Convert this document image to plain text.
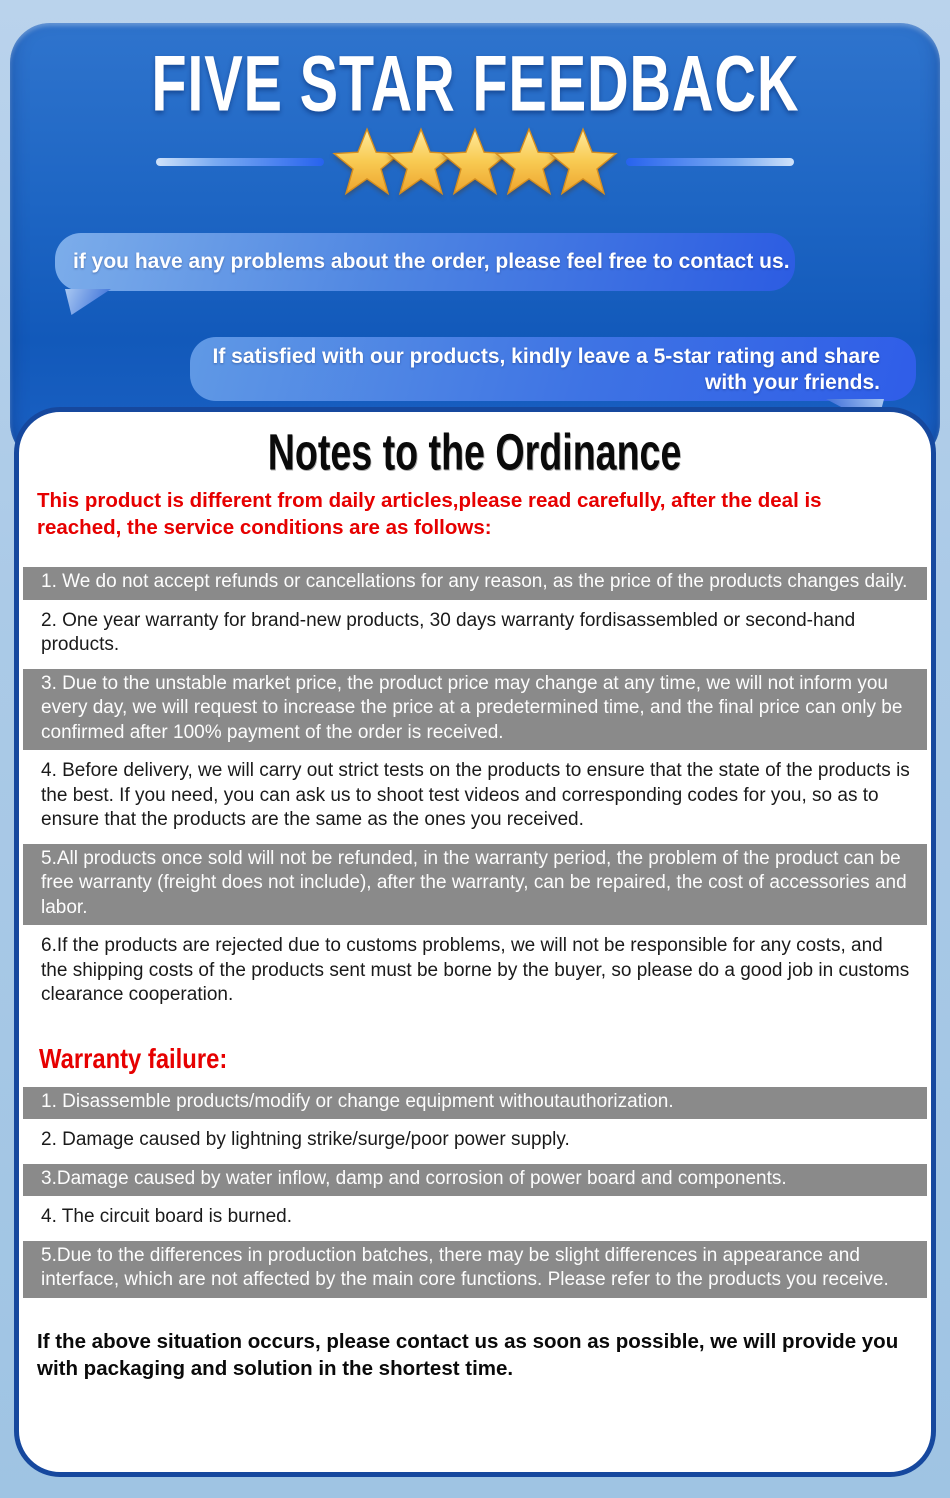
FIVE STAR FEEDBACK
if you have any problems about the order, please feel free to contact us.
If satisfied with our products, kindly leave a 5-star rating and share
with your friends.
Notes to the Ordinance

This product is different from daily articles,please read carefully, after the deal is reached, the service conditions are as follows:

1. We do not accept refunds or cancellations for any reason, as the price of the products changes daily.
2. One year warranty for brand-new products, 30 days warranty fordisassembled or second-hand products.
3. Due to the unstable market price, the product price may change at any time, we will not inform you every day, we will request to increase the price at a predetermined time, and the final price can only be confirmed after 100% payment of the order is received.
4. Before delivery, we will carry out strict tests on the products to ensure that the state of the products is the best. If you need, you can ask us to shoot test videos and corresponding codes for you, so as to ensure that the products are the same as the ones you received.
5.All products once sold will not be refunded, in the warranty period, the problem of the product can be free warranty (freight does not include), after the warranty, can be repaired, the cost of accessories and labor.
6.If the products are rejected due to customs problems, we will not be responsible for any costs, and the shipping costs of the products sent must be borne by the buyer, so please do a good job in customs clearance cooperation.
Warranty failure:
1. Disassemble products/modify or change equipment withoutauthorization.
2. Damage caused by lightning strike/surge/poor power supply.
3.Damage caused by water inflow, damp and corrosion of power board and components.
4. The circuit board is burned.
5.Due to the differences in production batches, there may be slight differences in appearance and interface, which are not affected by the main core functions. Please refer to the products you receive.

If the above situation occurs, please contact us as soon as possible, we will provide you with packaging and solution in the shortest time.
